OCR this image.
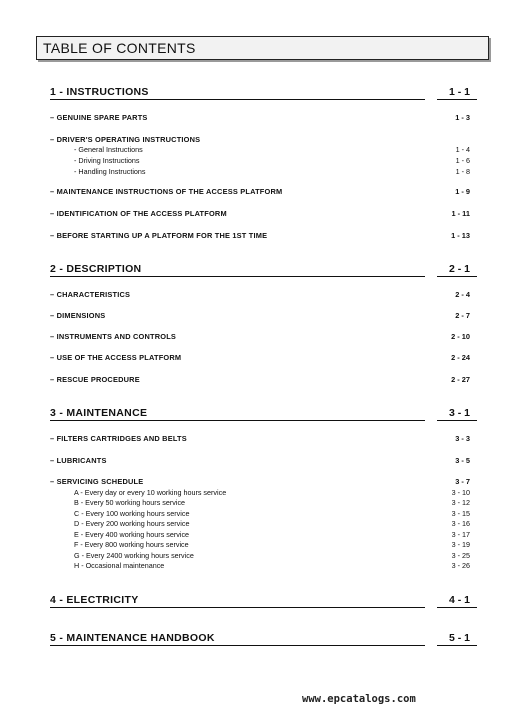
TABLE OF CONTENTS
1 - INSTRUCTIONS	1 - 1
– GENUINE SPARE PARTS	1 - 3
– DRIVER'S OPERATING INSTRUCTIONS
- General Instructions	1 - 4
- Driving Instructions	1 - 6
- Handling Instructions	1 - 8
– MAINTENANCE INSTRUCTIONS OF THE ACCESS PLATFORM	1 - 9
– IDENTIFICATION OF THE ACCESS PLATFORM	1 - 11
– BEFORE STARTING UP A PLATFORM FOR THE 1ST TIME	1 - 13
2 - DESCRIPTION	2 - 1
– CHARACTERISTICS	2 - 4
– DIMENSIONS	2 - 7
– INSTRUMENTS AND CONTROLS	2 - 10
– USE OF THE ACCESS PLATFORM	2 - 24
– RESCUE PROCEDURE	2 - 27
3 - MAINTENANCE	3 - 1
– FILTERS CARTRIDGES AND BELTS	3 - 3
– LUBRICANTS	3 - 5
– SERVICING SCHEDULE	3 - 7
A - Every day or every 10 working hours service	3 - 10
B - Every 50 working hours service	3 - 12
C - Every 100 working hours service	3 - 15
D - Every 200 working hours service	3 - 16
E - Every 400 working hours service	3 - 17
F - Every 800 working hours service	3 - 19
G - Every 2400 working hours service	3 - 25
H - Occasional maintenance	3 - 26
4 - ELECTRICITY	4 - 1
5 - MAINTENANCE HANDBOOK	5 - 1
www.epcatalogs.com
